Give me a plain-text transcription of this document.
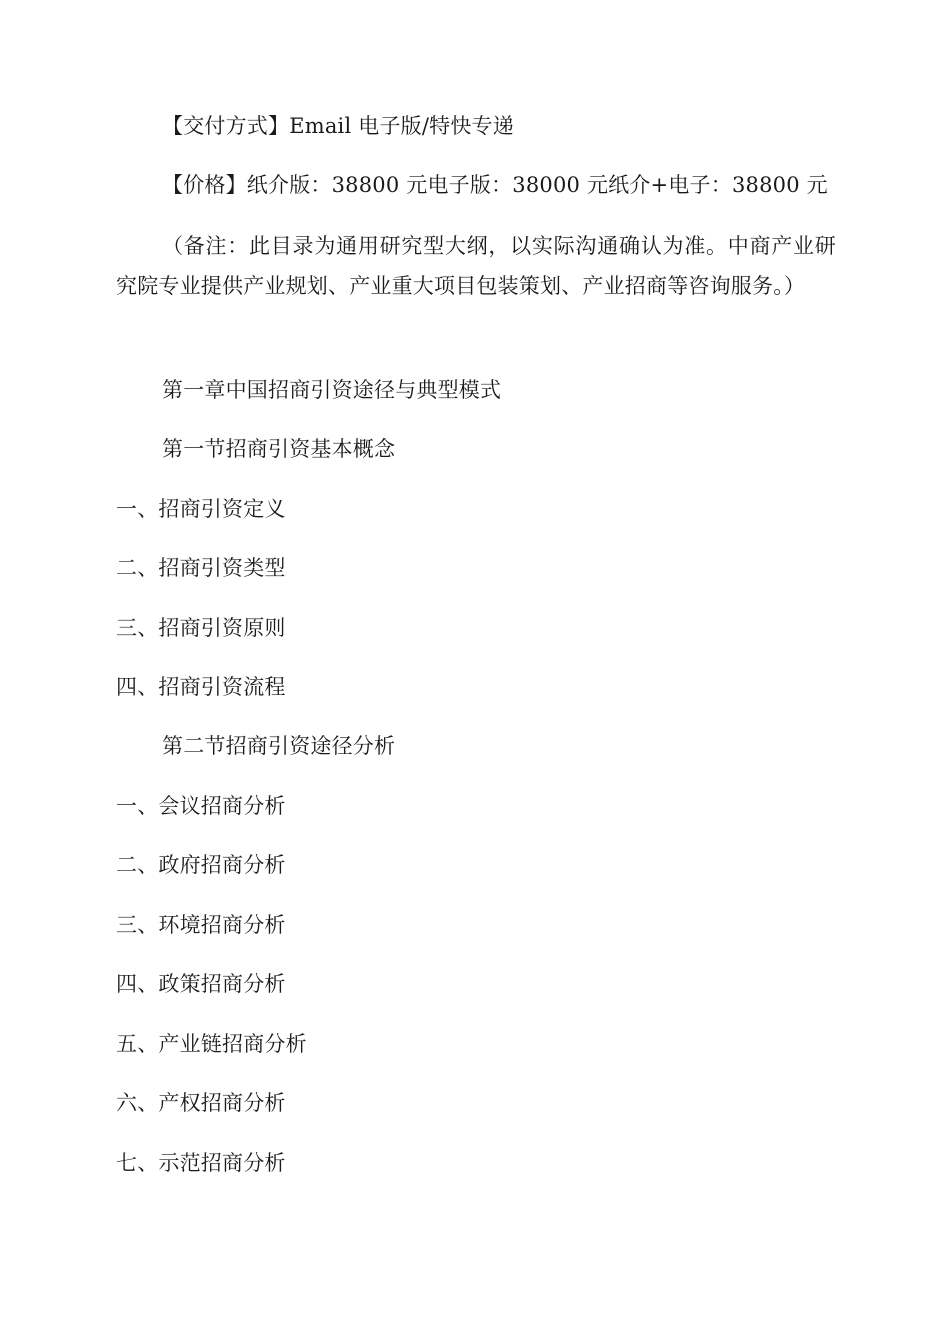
【交付方式】Email 电子版/特快专递
【价格】纸介版：38800 元电子版：38000 元纸介+电子：38800 元
（备注：此目录为通用研究型大纲，以实际沟通确认为准。中商产业研究院专业提供产业规划、产业重大项目包装策划、产业招商等咨询服务。）
第一章中国招商引资途径与典型模式
第一节招商引资基本概念
一、招商引资定义
二、招商引资类型
三、招商引资原则
四、招商引资流程
第二节招商引资途径分析
一、会议招商分析
二、政府招商分析
三、环境招商分析
四、政策招商分析
五、产业链招商分析
六、产权招商分析
七、示范招商分析
